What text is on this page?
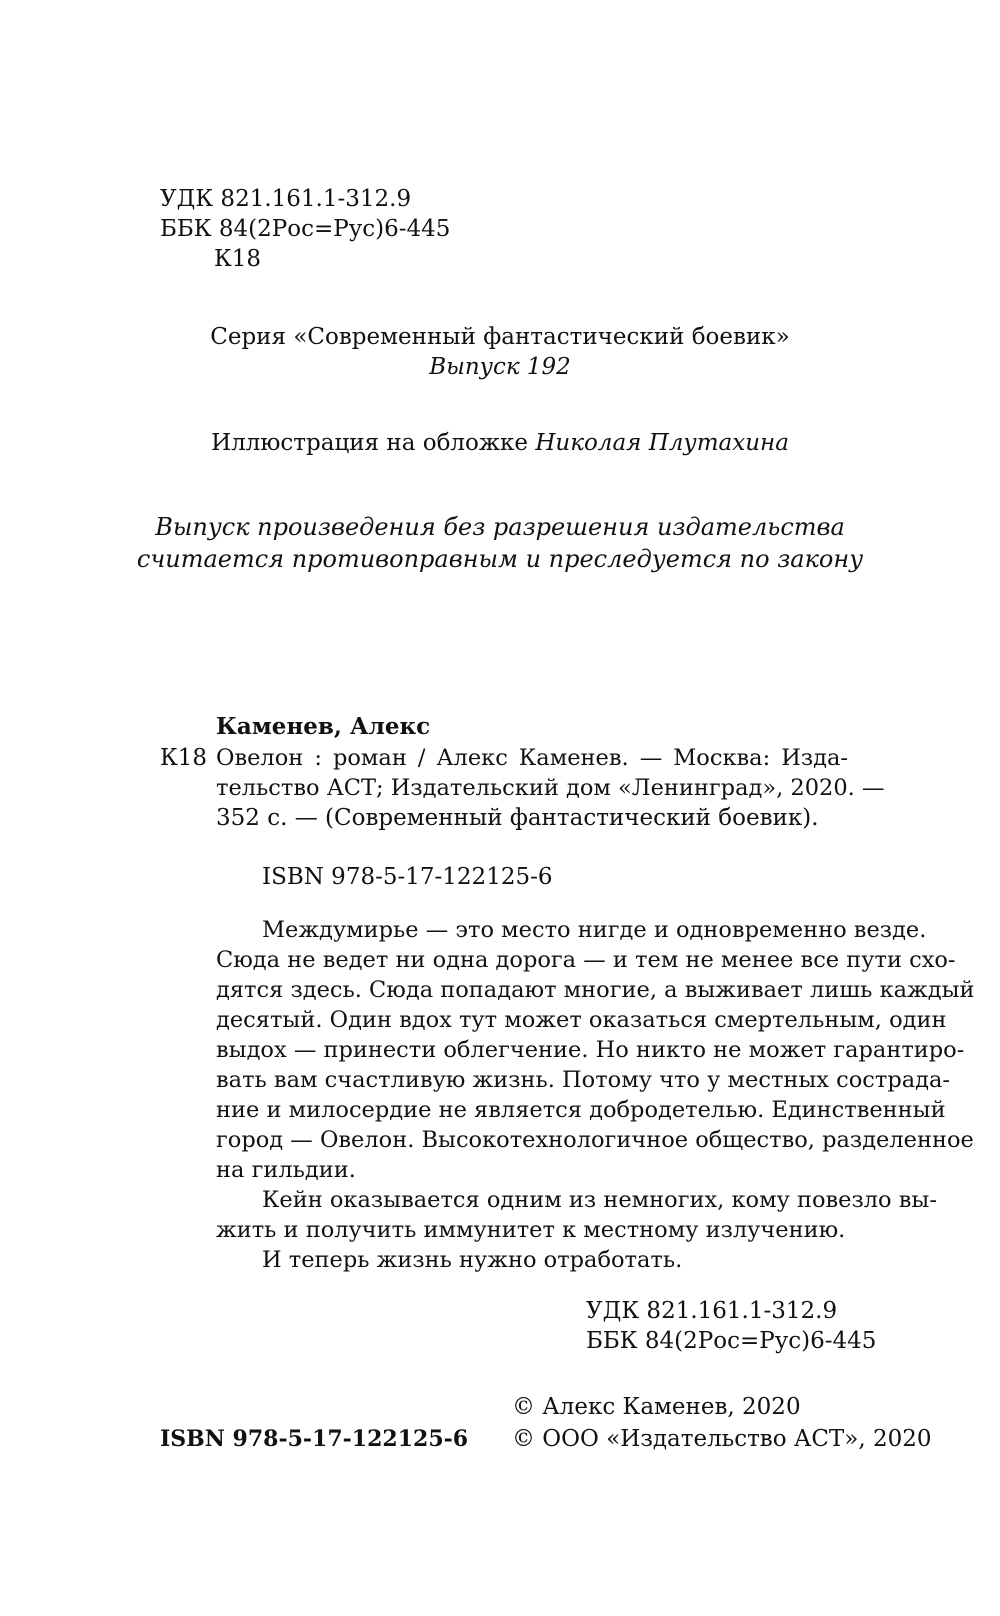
УДК 821.161.1-312.9
ББК 84(2Рос=Рус)6-445
К18
Серия «Современный фантастический боевик»
Выпуск 192
Иллюстрация на обложке Николая Плутахина
Выпуск произведения без разрешения издательства
считается противоправным и преследуется по закону
Каменев, Алекс
К18 Овелон : роман / Алекс Каменев. — Москва: Изда-
тельство АСТ; Издательский дом «Ленинград», 2020. —
352 с. — (Современный фантастический боевик).
ISBN 978-5-17-122125-6
Междумирье — это место нигде и одновременно везде.
Сюда не ведет ни одна дорога — и тем не менее все пути схо-
дятся здесь. Сюда попадают многие, а выживает лишь каждый
десятый. Один вдох тут может оказаться смертельным, один
выдох — принести облегчение. Но никто не может гарантиро-
вать вам счастливую жизнь. Потому что у местных сострада-
ние и милосердие не является добродетелью. Единственный
город — Овелон. Высокотехнологичное общество, разделенное
на гильдии.
Кейн оказывается одним из немногих, кому повезло вы-
жить и получить иммунитет к местному излучению.
И теперь жизнь нужно отработать.
УДК 821.161.1-312.9
ББК 84(2Рос=Рус)6-445
© Алекс Каменев, 2020
ISBN 978-5-17-122125-6 © ООО «Издательство АСТ», 2020
